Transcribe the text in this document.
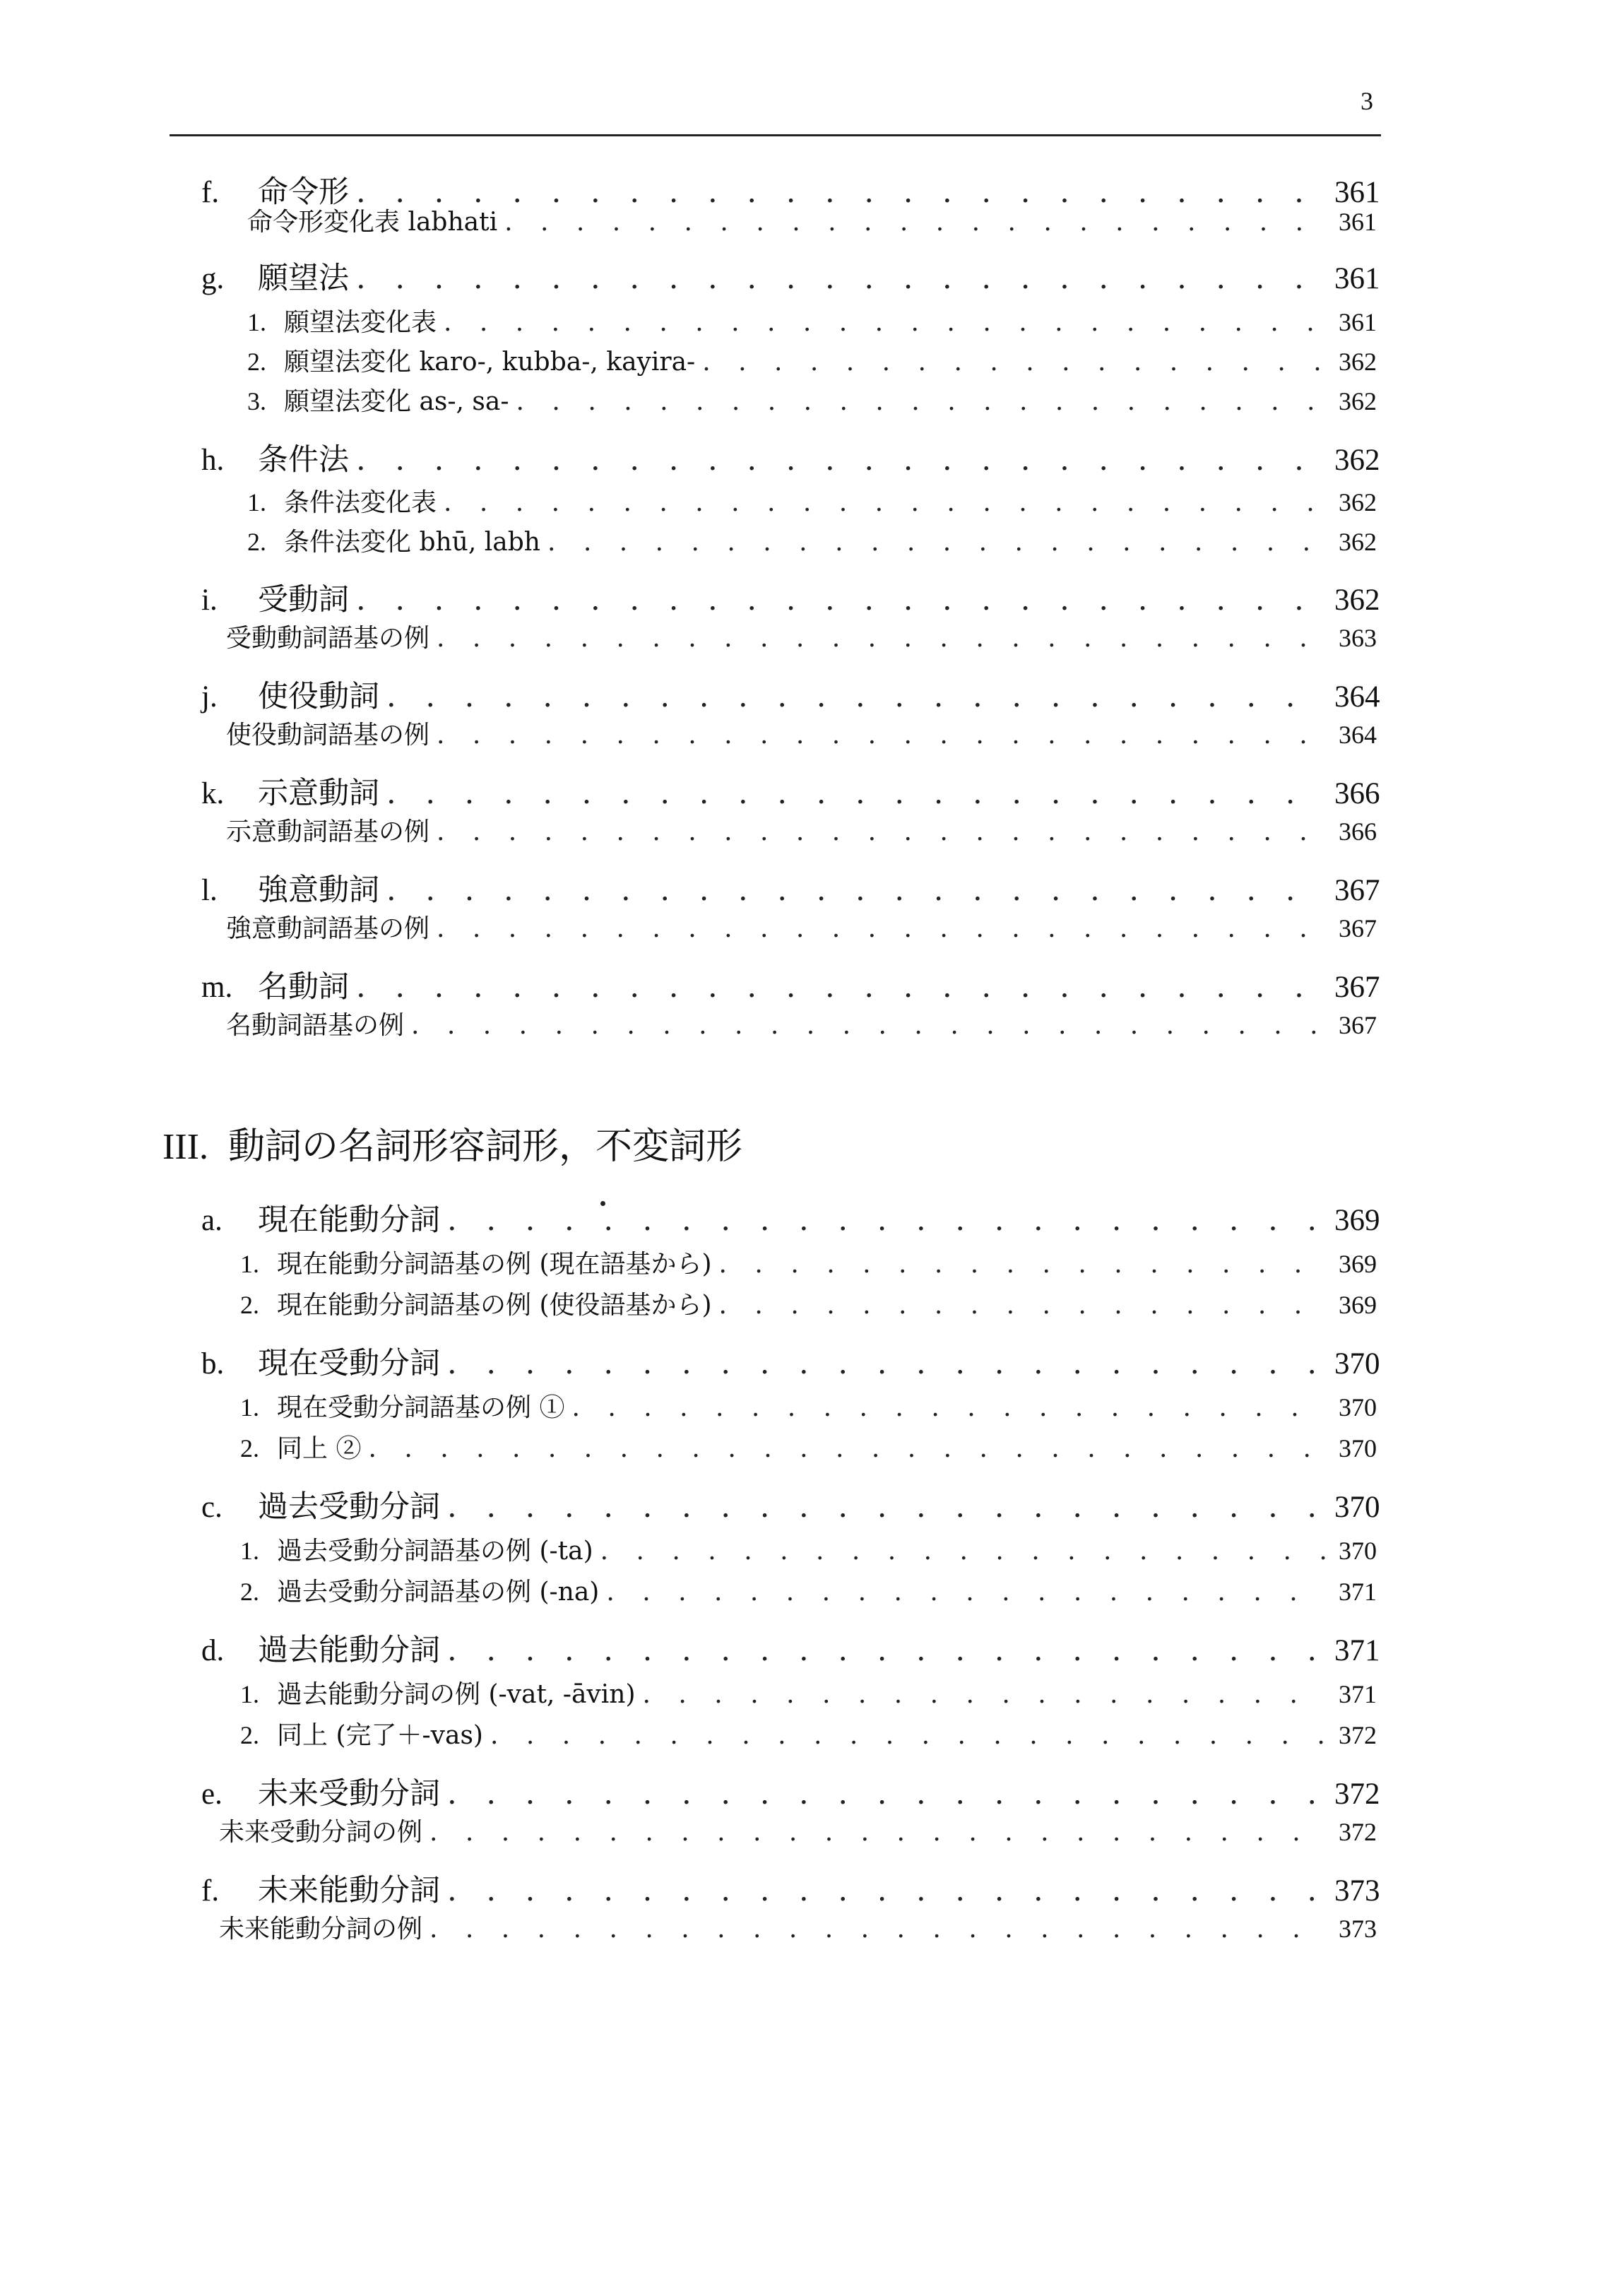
3
f. 命令形 . . .	361
命令形変化表 labhati . . .	361
g. 願望法 . . .	361
1. 願望法変化表 . . .	361
2. 願望法変化 karo-, kubba-, kayira- . . .	362
3. 願望法変化 as-, sa- . . .	362
h. 条件法 . . .	362
1. 条件法変化表 . . .	362
2. 条件法変化 bhū, labh . . .	362
i. 受動詞 . . .	362
受動動詞語基の例 . . .	363
j. 使役動詞 . . .	364
使役動詞語基の例 . . .	364
k. 示意動詞 . . .	366
示意動詞語基の例 . . .	366
l. 強意動詞 . . .	367
強意動詞語基の例 . . .	367
m. 名動詞 . . .	367
名動詞語基の例 . . .	367
a. 現在能動分詞 . . .	369
1. 現在能動分詞語基の例 (現在語基から) . . .	369
2. 現在能動分詞語基の例 (使役語基から) . . .	369
b. 現在受動分詞 . . .	370
1. 現在受動分詞語基の例 ① . . .	370
2. 同上 ② . . .	370
c. 過去受動分詞 . . .	370
1. 過去受動分詞語基の例 (-ta) . . .	370
2. 過去受動分詞語基の例 (-na) . . .	371
d. 過去能動分詞 . . .	371
1. 過去能動分詞の例 (-vat, -āvin) . . .	371
2. 同上 (完了＋-vas) . . .	372
e. 未来受動分詞 . . .	372
未来受動分詞の例 . . .	372
f. 未来能動分詞 . . .	373
未来能動分詞の例 . . .	373
III. 動詞の名詞形容詞形，不変詞形
